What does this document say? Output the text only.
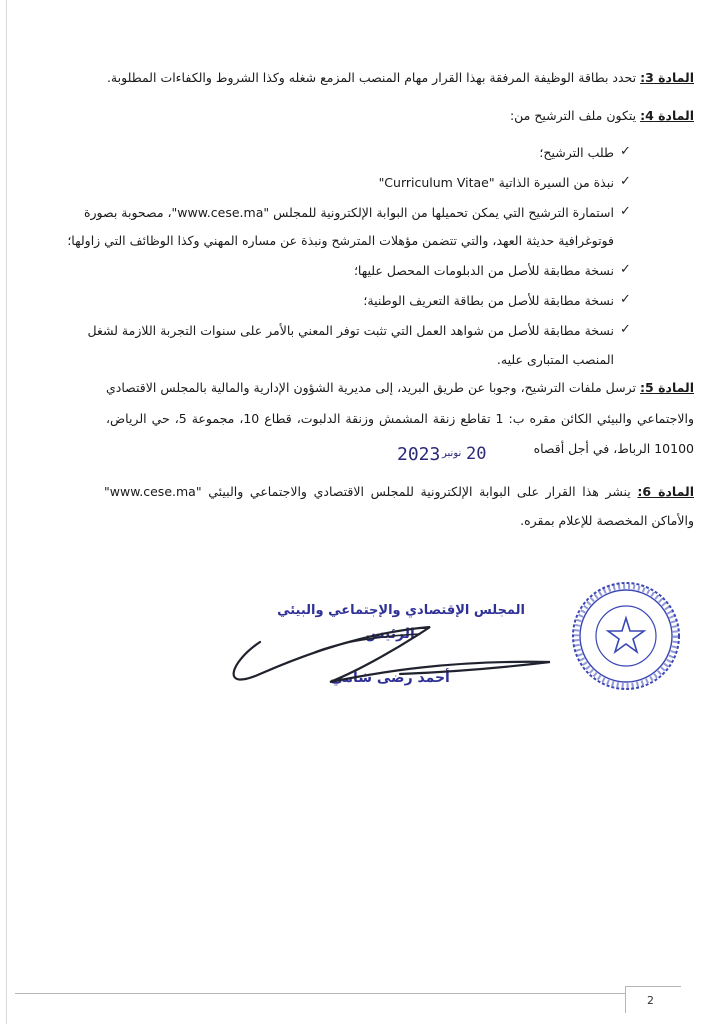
المادة 3: تحدد بطاقة الوظيفة المرفقة بهذا القرار مهام المنصب المزمع شغله وكذا الشروط والكفاءات المطلوبة.
المادة 4: يتكون ملف الترشيح من:
✓
طلب الترشيح؛
✓
نبذة من السيرة الذاتية "Curriculum Vitae"
✓
استمارة الترشيح التي يمكن تحميلها من البوابة الإلكترونية للمجلس "www.cese.ma"، مصحوبة بصورة
فوتوغرافية حديثة العهد، والتي تتضمن مؤهلات المترشح ونبذة عن مساره المهني وكذا الوظائف التي زاولها؛
✓
نسخة مطابقة للأصل من الدبلومات المحصل عليها؛
✓
نسخة مطابقة للأصل من بطاقة التعريف الوطنية؛
✓
نسخة مطابقة للأصل من شواهد العمل التي تثبت توفر المعني بالأمر على سنوات التجربة اللازمة لشغل
المنصب المتبارى عليه.
المادة 5: ترسل ملفات الترشيح، وجوبا عن طريق البريد، إلى مديرية الشؤون الإدارية والمالية بالمجلس الاقتصادي
والاجتماعي والبيئي الكائن مقره ب: 1 تقاطع زنقة المشمش وزنقة الدلبوت، قطاع 10، مجموعة 5، حي الرياض،
10100 الرباط، في أجل أقصاه
20
نونبر
2023
المادة 6: ينشر هذا القرار على البوابة الإلكترونية للمجلس الاقتصادي والاجتماعي والبيئي "www.cese.ma"
والأماكن المخصصة للإعلام بمقره.
المجلس الإقتصادي والإجتماعي والبيئي
الرئيس
أحمد رضى شامي
2
